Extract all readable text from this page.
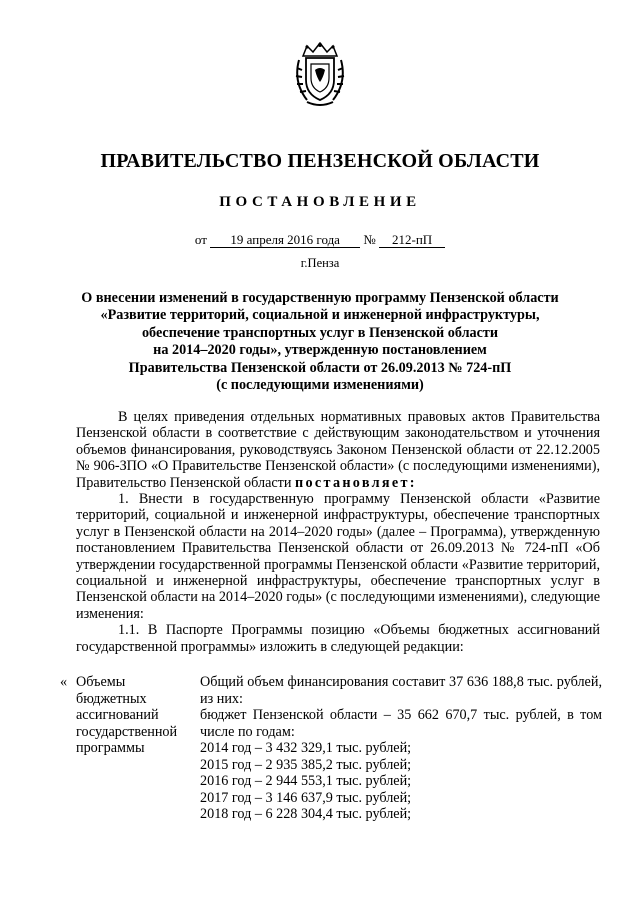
ПРАВИТЕЛЬСТВО ПЕНЗЕНСКОЙ ОБЛАСТИ
ПОСТАНОВЛЕНИЕ
от 19 апреля 2016 года № 212-пП
г.Пенза
О внесении изменений в государственную программу Пензенской области
«Развитие территорий, социальной и инженерной инфраструктуры,
обеспечение транспортных услуг в Пензенской области
на 2014–2020 годы», утвержденную постановлением
Правительства Пензенской области от 26.09.2013 № 724-пП
(с последующими изменениями)

В целях приведения отдельных нормативных правовых актов Правительства Пензенской области в соответствие с действующим законодательством и уточнения объемов финансирования, руководствуясь Законом Пензенской области от 22.12.2005 № 906-ЗПО «О Правительстве Пензенской области» (с последующими изменениями), Правительство Пензенской области постановляет:

1. Внести в государственную программу Пензенской области «Развитие территорий, социальной и инженерной инфраструктуры, обеспечение транспортных услуг в Пензенской области на 2014–2020 годы» (далее – Программа), утвержденную постановлением Правительства Пензенской области от 26.09.2013 № 724-пП «Об утверждении государственной программы Пензенской области «Развитие территорий, социальной и инженерной инфраструктуры, обеспечение транспортных услуг в Пензенской области на 2014–2020 годы» (с последующими изменениями), следующие изменения:

1.1. В Паспорте Программы позицию «Объемы бюджетных ассигнований государственной программы» изложить в следующей редакции:

« Объемы
бюджетных
ассигнований
государственной
программы
Общий объем финансирования составит 37 636 188,8 тыс. рублей, из них:
бюджет Пензенской области – 35 662 670,7 тыс. рублей, в том числе по годам:
2014 год – 3 432 329,1 тыс. рублей;
2015 год – 2 935 385,2 тыс. рублей;
2016 год – 2 944 553,1 тыс. рублей;
2017 год – 3 146 637,9 тыс. рублей;
2018 год – 6 228 304,4 тыс. рублей;
